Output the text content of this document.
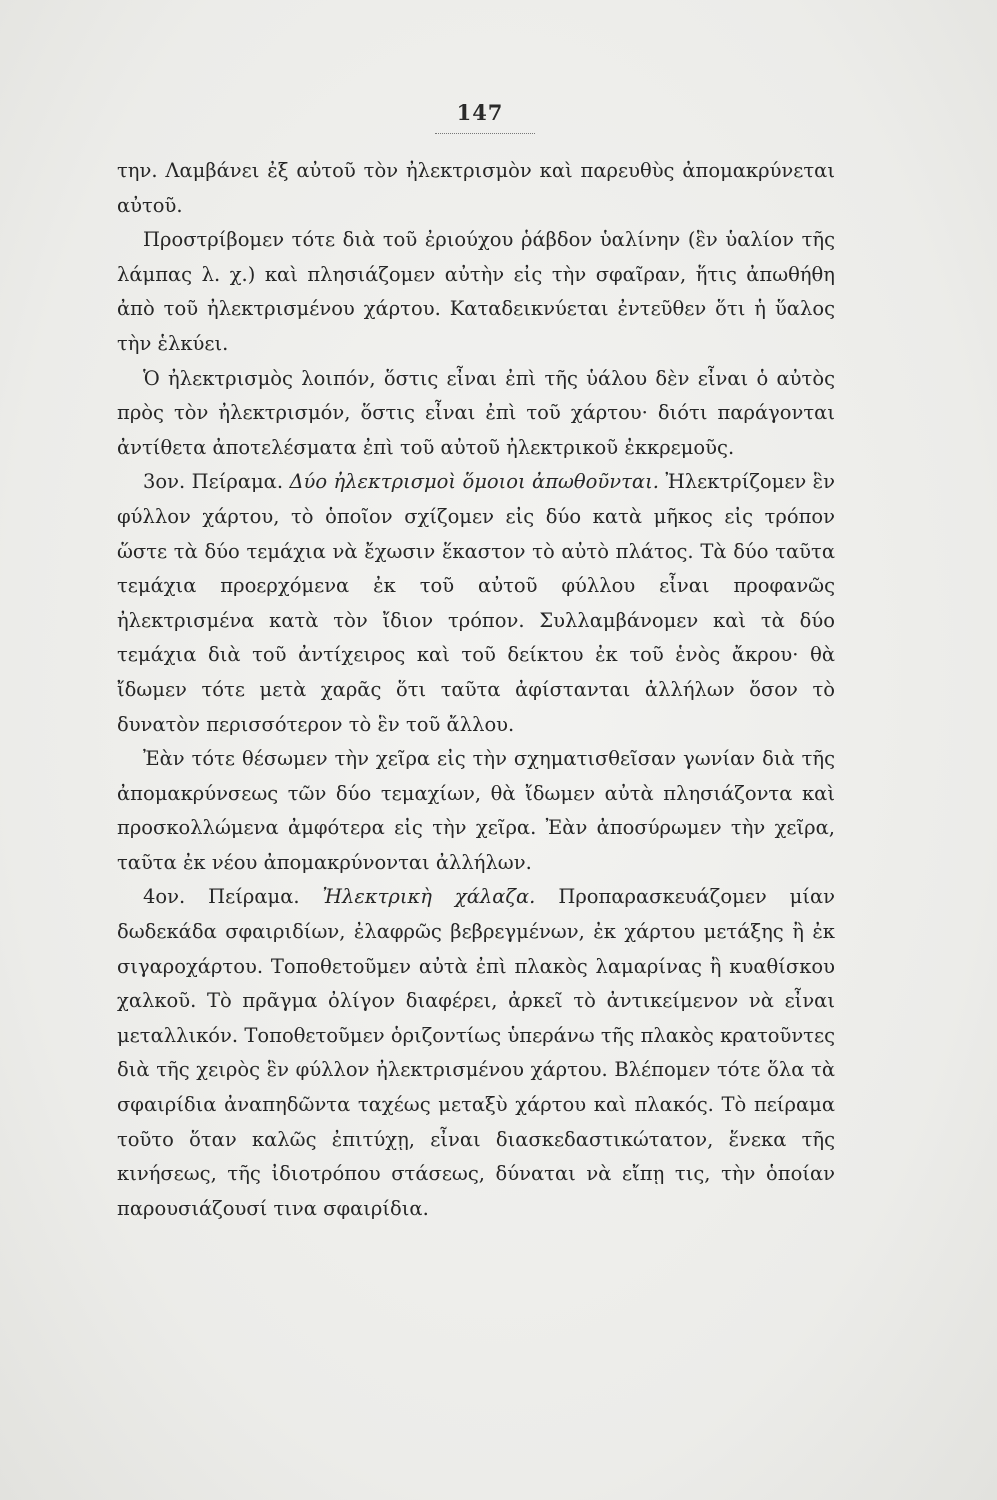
147

την. Λαμβάνει ἐξ αὐτοῦ τὸν ἠλεκτρισμὸν καὶ παρευθὺς ἀπομακρύνεται αὐτοῦ.

Προστρίβομεν τότε διὰ τοῦ ἐριούχου ῥάβδον ὑαλίνην (ἓν ὑαλίον τῆς λάμπας λ. χ.) καὶ πλησιάζομεν αὐτὴν εἰς τὴν σφαῖραν, ἥτις ἀπωθήθη ἀπὸ τοῦ ἠλεκτρισμένου χάρτου. Καταδεικνύεται ἐντεῦθεν ὅτι ἡ ὕαλος τὴν ἑλκύει.

Ὁ ἠλεκτρισμὸς λοιπόν, ὅστις εἶναι ἐπὶ τῆς ὑάλου δὲν εἶναι ὁ αὐτὸς πρὸς τὸν ἠλεκτρισμόν, ὅστις εἶναι ἐπὶ τοῦ χάρτου· διότι παράγονται ἀντίθετα ἀποτελέσματα ἐπὶ τοῦ αὐτοῦ ἠλεκτρικοῦ ἐκκρεμοῦς.

3ον. Πείραμα. Δύο ἠλεκτρισμοὶ ὅμοιοι ἀπωθοῦνται. Ἠλεκτρίζομεν ἓν φύλλον χάρτου, τὸ ὁποῖον σχίζομεν εἰς δύο κατὰ μῆκος εἰς τρόπον ὥστε τὰ δύο τεμάχια νὰ ἔχωσιν ἕκαστον τὸ αὐτὸ πλάτος. Τὰ δύο ταῦτα τεμάχια προερχόμενα ἐκ τοῦ αὐτοῦ φύλλου εἶναι προφανῶς ἠλεκτρισμένα κατὰ τὸν ἴδιον τρόπον. Συλλαμβάνομεν καὶ τὰ δύο τεμάχια διὰ τοῦ ἀντίχειρος καὶ τοῦ δείκτου ἐκ τοῦ ἑνὸς ἄκρου· θὰ ἴδωμεν τότε μετὰ χαρᾶς ὅτι ταῦτα ἀφίστανται ἀλλήλων ὅσον τὸ δυνατὸν περισσότερον τὸ ἓν τοῦ ἄλλου.

Ἐὰν τότε θέσωμεν τὴν χεῖρα εἰς τὴν σχηματισθεῖσαν γωνίαν διὰ τῆς ἀπομακρύνσεως τῶν δύο τεμαχίων, θὰ ἴδωμεν αὐτὰ πλησιάζοντα καὶ προσκολλώμενα ἀμφότερα εἰς τὴν χεῖρα. Ἐὰν ἀποσύρωμεν τὴν χεῖρα, ταῦτα ἐκ νέου ἀπομακρύνονται ἀλλήλων.

4ον. Πείραμα. Ἠλεκτρικὴ χάλαζα. Προπαρασκευάζομεν μίαν δωδεκάδα σφαιριδίων, ἐλαφρῶς βεβρεγμένων, ἐκ χάρτου μετάξης ἢ ἐκ σιγαροχάρτου. Τοποθετοῦμεν αὐτὰ ἐπὶ πλακὸς λαμαρίνας ἢ κυαθίσκου χαλκοῦ. Τὸ πρᾶγμα ὀλίγον διαφέρει, ἀρκεῖ τὸ ἀντικείμενον νὰ εἶναι μεταλλικόν. Τοποθετοῦμεν ὁριζοντίως ὑπεράνω τῆς πλακὸς κρατοῦντες διὰ τῆς χειρὸς ἓν φύλλον ἠλεκτρισμένου χάρτου. Βλέπομεν τότε ὅλα τὰ σφαιρίδια ἀναπηδῶντα ταχέως μεταξὺ χάρτου καὶ πλακός. Τὸ πείραμα τοῦτο ὅταν καλῶς ἐπιτύχῃ, εἶναι διασκεδαστικώτατον, ἕνεκα τῆς κινήσεως, τῆς ἰδιοτρόπου στάσεως, δύναται νὰ εἴπῃ τις, τὴν ὁποίαν παρουσιάζουσί τινα σφαιρίδια.
